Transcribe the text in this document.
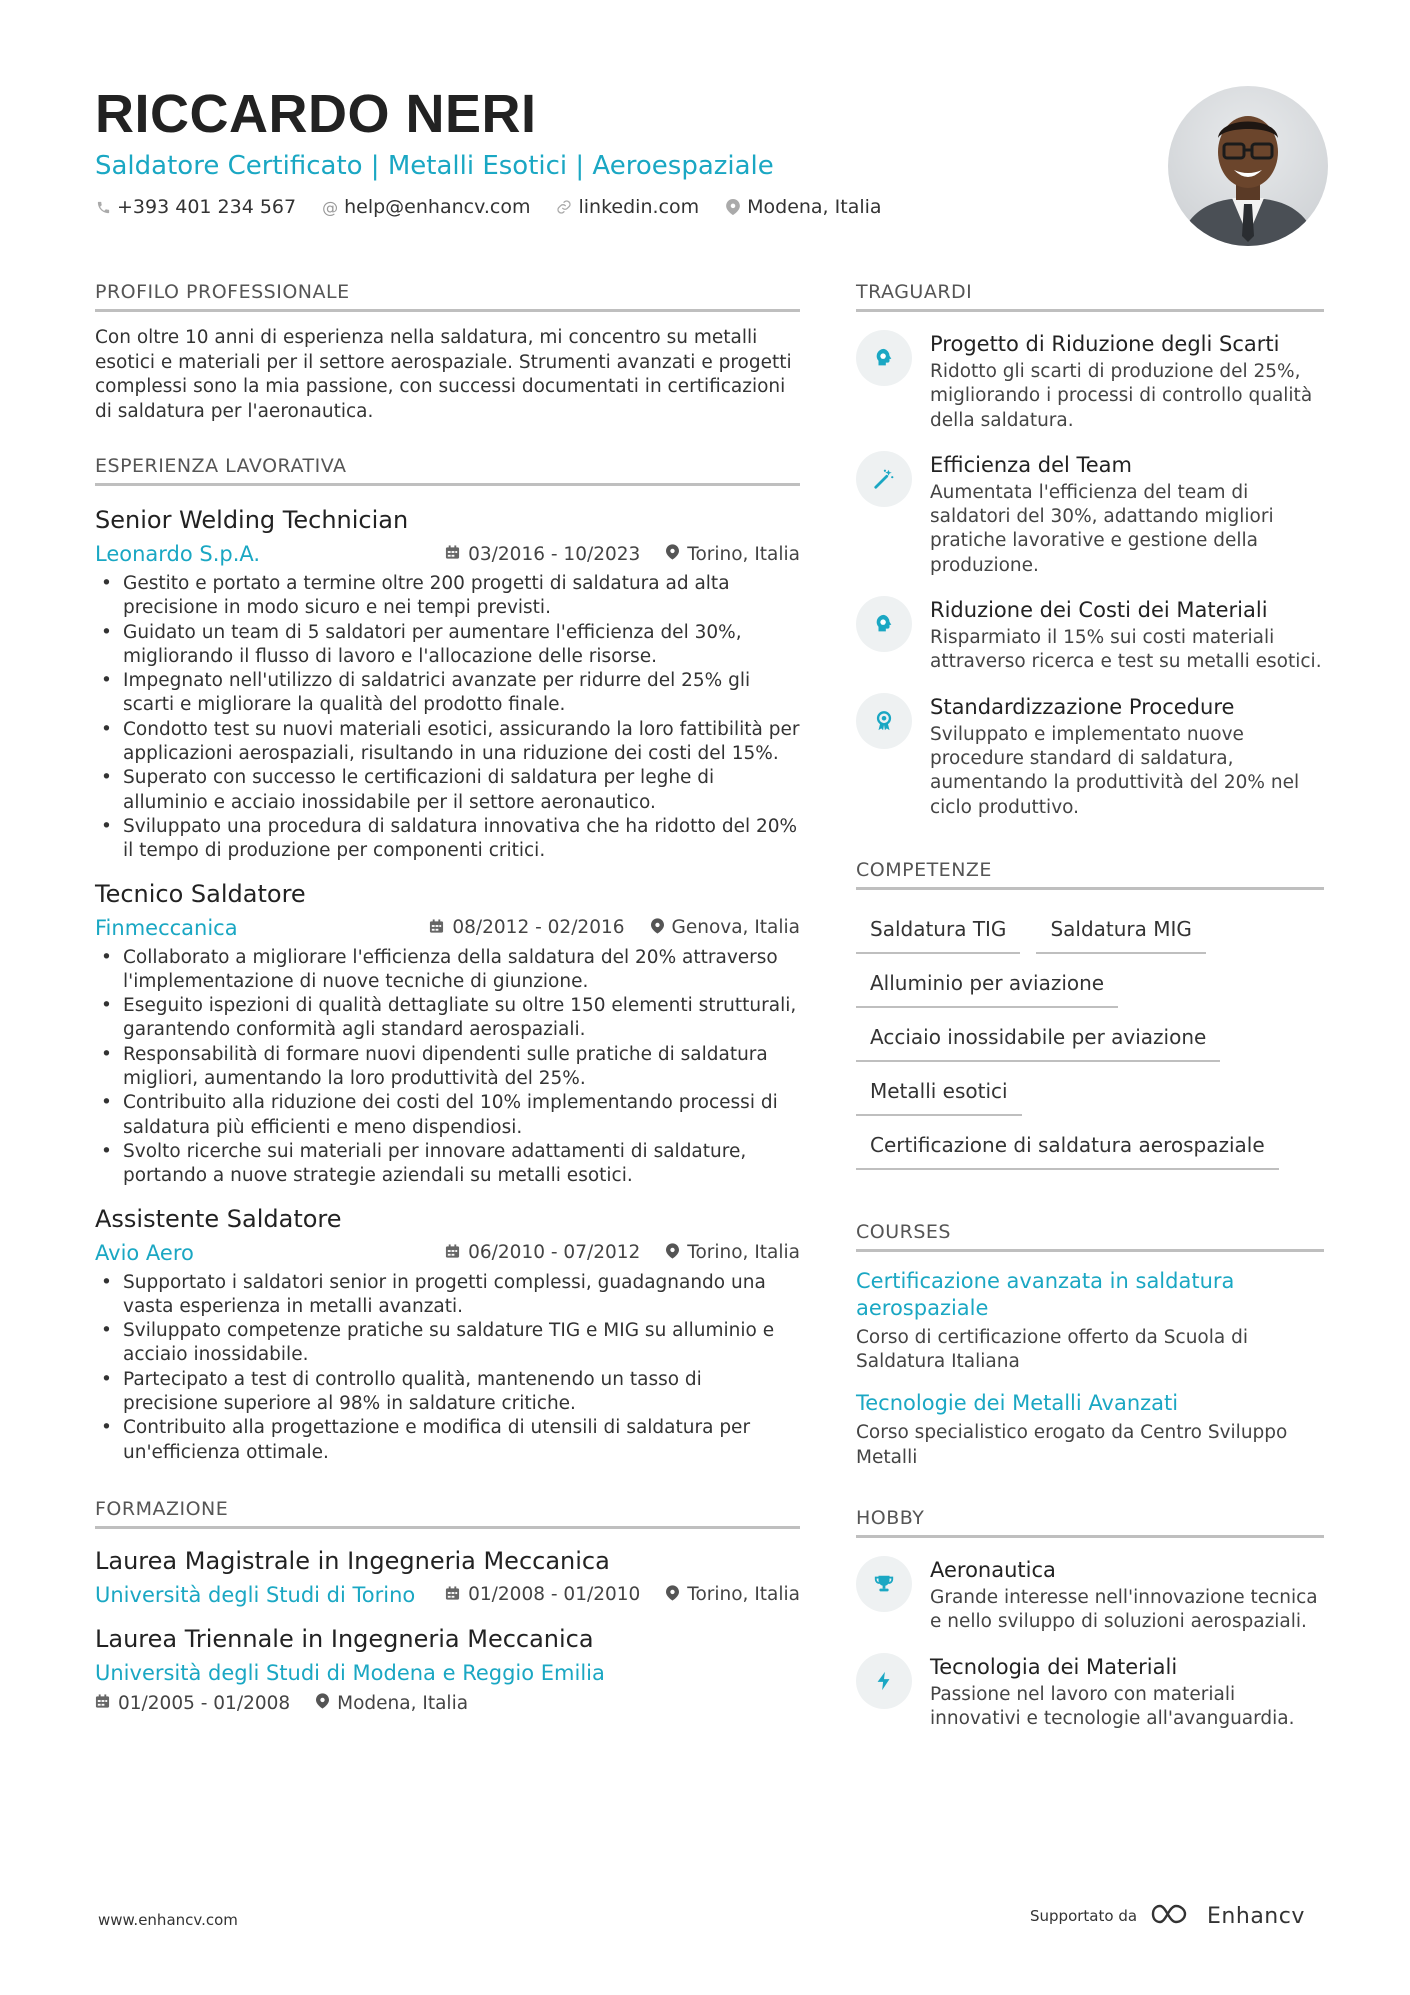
RICCARDO NERI
Saldatore Certificato | Metalli Esotici | Aeroespaziale
+393 401 234 567 @ help@enhancv.com	linkedin.com	Modena, Italia
PROFILO PROFESSIONALE
Con oltre 10 anni di esperienza nella saldatura, mi concentro su metalli esotici e materiali per il settore aerospaziale. Strumenti avanzati e progetti complessi sono la mia passione, con successi documentati in certificazioni di saldatura per l'aeronautica.
ESPERIENZA LAVORATIVA
Senior Welding Technician
Leonardo S.p.A.	03/2016 - 10/2023	Torino, Italia
• Gestito e portato a termine oltre 200 progetti di saldatura ad alta precisione in modo sicuro e nei tempi previsti.
• Guidato un team di 5 saldatori per aumentare l'efficienza del 30%, migliorando il flusso di lavoro e l'allocazione delle risorse.
• Impegnato nell'utilizzo di saldatrici avanzate per ridurre del 25% gli scarti e migliorare la qualità del prodotto finale.
• Condotto test su nuovi materiali esotici, assicurando la loro fattibilità per applicazioni aerospaziali, risultando in una riduzione dei costi del 15%.
• Superato con successo le certificazioni di saldatura per leghe di alluminio e acciaio inossidabile per il settore aeronautico.
• Sviluppato una procedura di saldatura innovativa che ha ridotto del 20% il tempo di produzione per componenti critici.
Tecnico Saldatore
Finmeccanica	08/2012 - 02/2016	Genova, Italia
• Collaborato a migliorare l'efficienza della saldatura del 20% attraverso l'implementazione di nuove tecniche di giunzione.
• Eseguito ispezioni di qualità dettagliate su oltre 150 elementi strutturali, garantendo conformità agli standard aerospaziali.
• Responsabilità di formare nuovi dipendenti sulle pratiche di saldatura migliori, aumentando la loro produttività del 25%.
• Contribuito alla riduzione dei costi del 10% implementando processi di saldatura più efficienti e meno dispendiosi.
• Svolto ricerche sui materiali per innovare adattamenti di saldature, portando a nuove strategie aziendali su metalli esotici.
Assistente Saldatore
Avio Aero	06/2010 - 07/2012	Torino, Italia
• Supportato i saldatori senior in progetti complessi, guadagnando una vasta esperienza in metalli avanzati.
• Sviluppato competenze pratiche su saldature TIG e MIG su alluminio e acciaio inossidabile.
• Partecipato a test di controllo qualità, mantenendo un tasso di precisione superiore al 98% in saldature critiche.
• Contribuito alla progettazione e modifica di utensili di saldatura per un'efficienza ottimale.
FORMAZIONE
Laurea Magistrale in Ingegneria Meccanica
Università degli Studi di Torino	01/2008 - 01/2010	Torino, Italia
Laurea Triennale in Ingegneria Meccanica
Università degli Studi di Modena e Reggio Emilia
01/2005 - 01/2008	Modena, Italia
TRAGUARDI
Progetto di Riduzione degli Scarti
Ridotto gli scarti di produzione del 25%, migliorando i processi di controllo qualità della saldatura.
Efficienza del Team
Aumentata l'efficienza del team di saldatori del 30%, adattando migliori pratiche lavorative e gestione della produzione.
Riduzione dei Costi dei Materiali
Risparmiato il 15% sui costi materiali attraverso ricerca e test su metalli esotici.
Standardizzazione Procedure
Sviluppato e implementato nuove procedure standard di saldatura, aumentando la produttività del 20% nel ciclo produttivo.
COMPETENZE
Saldatura TIG	Saldatura MIG
Alluminio per aviazione
Acciaio inossidabile per aviazione
Metalli esotici
Certificazione di saldatura aerospaziale
COURSES
Certificazione avanzata in saldatura aerospaziale
Corso di certificazione offerto da Scuola di Saldatura Italiana
Tecnologie dei Metalli Avanzati
Corso specialistico erogato da Centro Sviluppo Metalli
HOBBY
Aeronautica
Grande interesse nell'innovazione tecnica e nello sviluppo di soluzioni aerospaziali.
Tecnologia dei Materiali
Passione nel lavoro con materiali innovativi e tecnologie all'avanguardia.
www.enhancv.com	Supportato da	Enhancv
